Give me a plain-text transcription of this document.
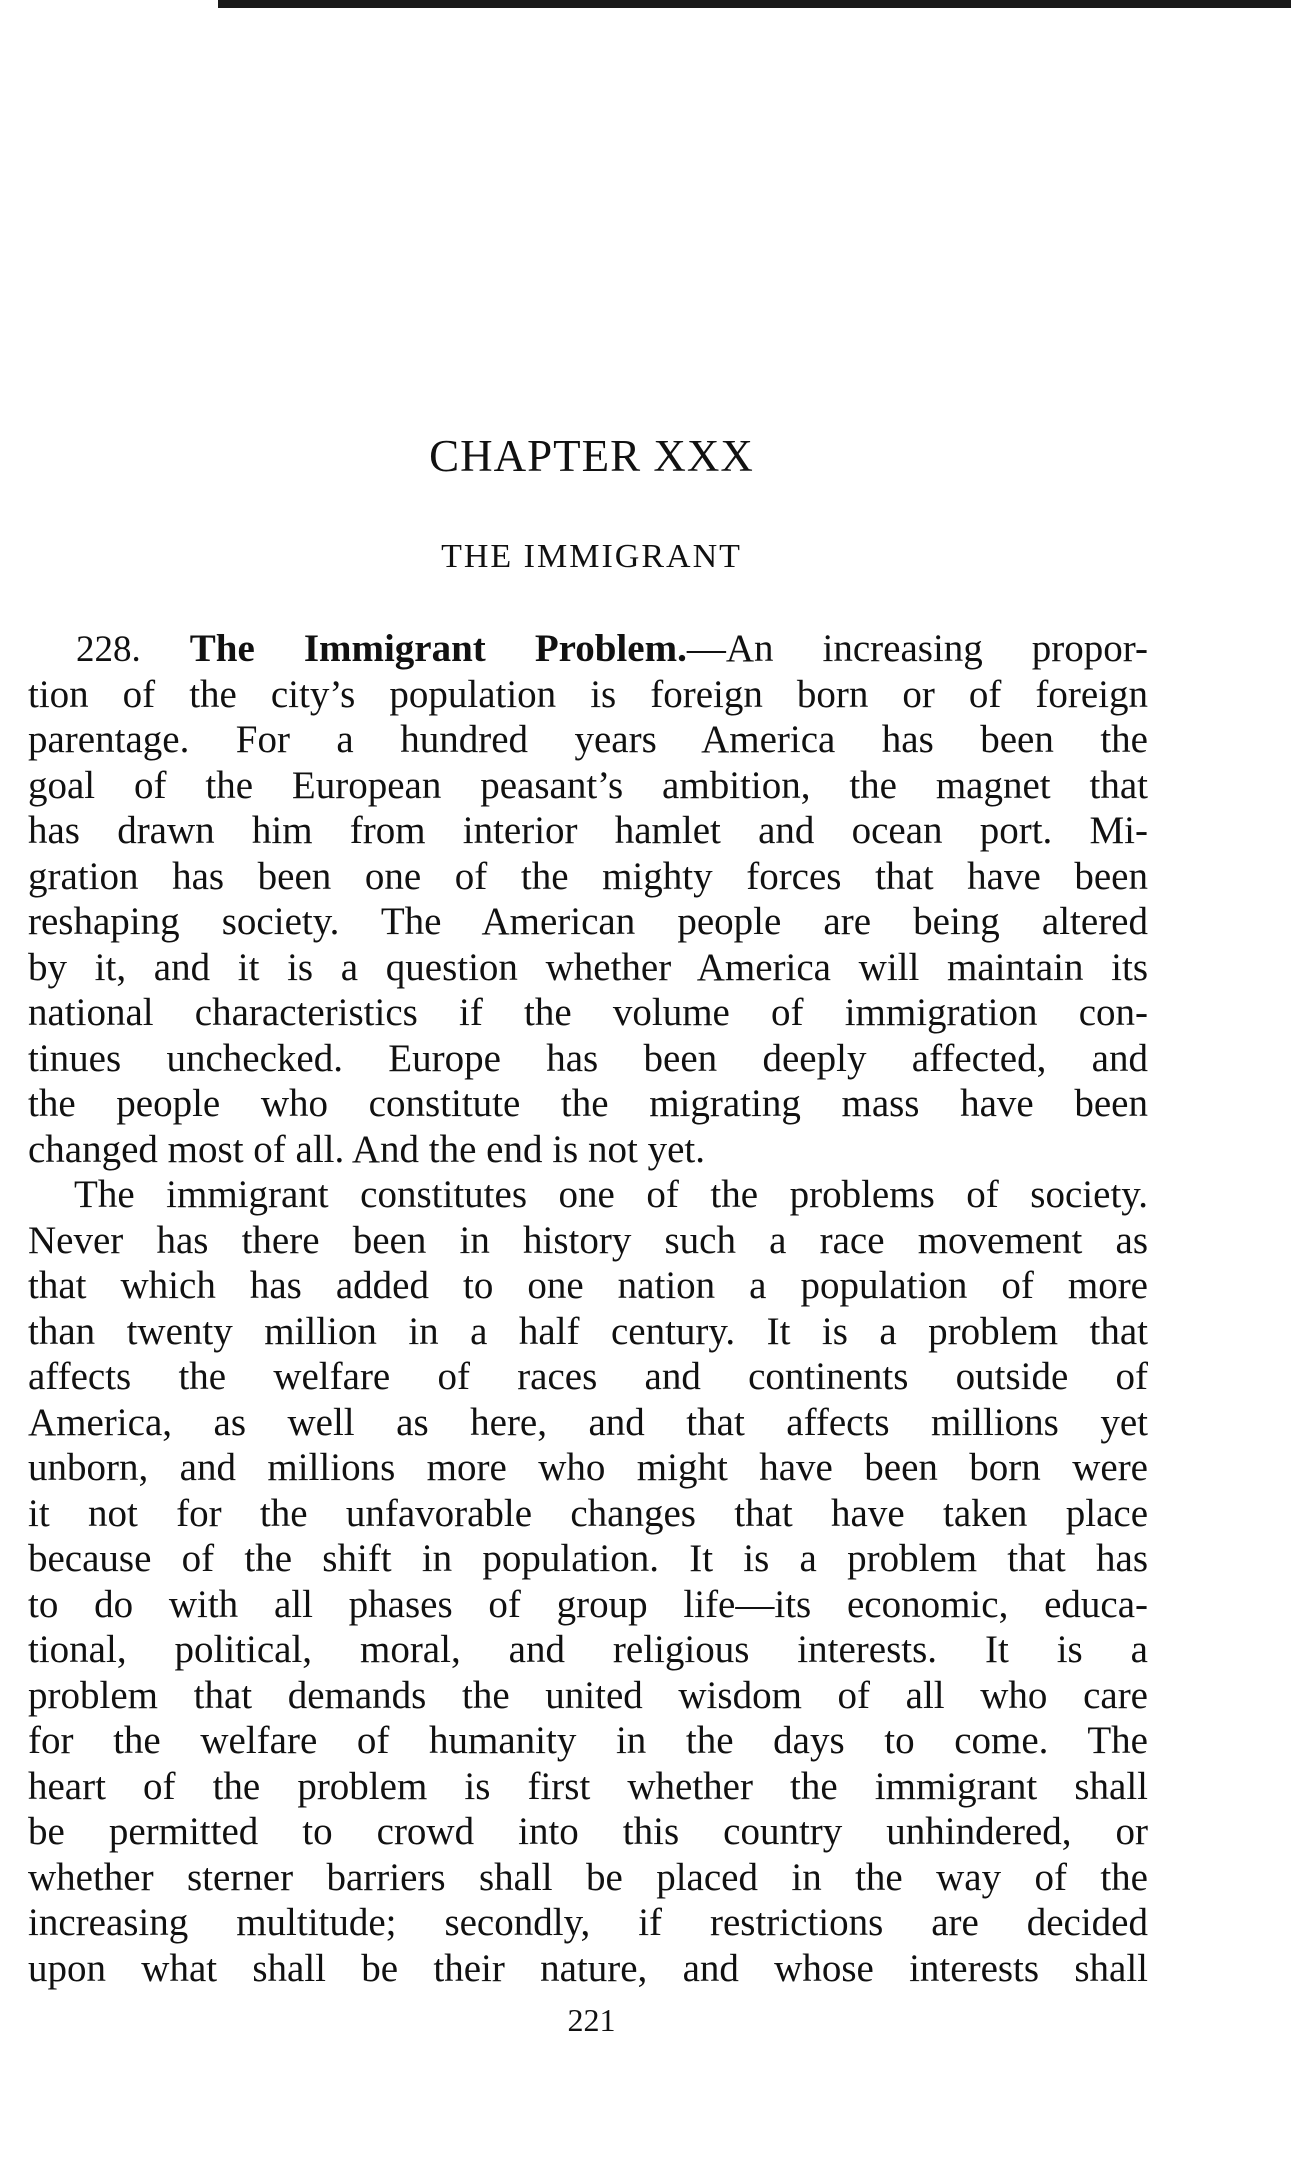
CHAPTER XXX
THE IMMIGRANT
228. The Immigrant Problem.—An increasing propor-
tion of the city’s population is foreign born or of foreign
parentage. For a hundred years America has been the
goal of the European peasant’s ambition, the magnet that
has drawn him from interior hamlet and ocean port. Mi-
gration has been one of the mighty forces that have been
reshaping society. The American people are being altered
by it, and it is a question whether America will maintain its
national characteristics if the volume of immigration con-
tinues unchecked. Europe has been deeply affected, and
the people who constitute the migrating mass have been
changed most of all. And the end is not yet.
The immigrant constitutes one of the problems of society.
Never has there been in history such a race movement as
that which has added to one nation a population of more
than twenty million in a half century. It is a problem that
affects the welfare of races and continents outside of
America, as well as here, and that affects millions yet
unborn, and millions more who might have been born were
it not for the unfavorable changes that have taken place
because of the shift in population. It is a problem that has
to do with all phases of group life—its economic, educa-
tional, political, moral, and religious interests. It is a
problem that demands the united wisdom of all who care
for the welfare of humanity in the days to come. The
heart of the problem is first whether the immigrant shall
be permitted to crowd into this country unhindered, or
whether sterner barriers shall be placed in the way of the
increasing multitude; secondly, if restrictions are decided
upon what shall be their nature, and whose interests shall
221
